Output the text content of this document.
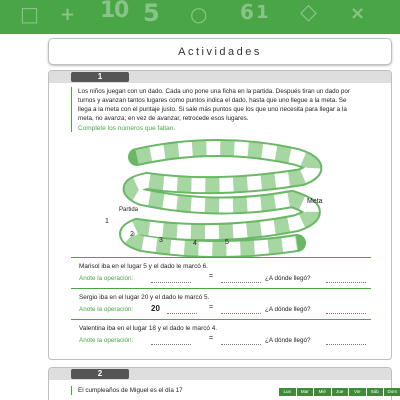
1
0 5	6 1
□	◇
○
+	×
Actividades
1

Los niños juegan con un dado. Cada uno pone una ficha en la partida. Después tiran un dado por turnos y avanzan tantos lugares como puntos indica el dado, hasta que uno llegue a la meta. Se llega a la meta con el puntaje justo. Si sale más puntos que los que uno necesita para llegar a la meta, no avanza; en vez de avanzar, retrocede esos lugares.

Complete los números que faltan.

Meta
Partida
1
2
3	4	5
Marisol iba en el lugar 5 y el dado le marcó 6.
Anote la operación:	=	¿A dónde llegó?
Sergio iba en el lugar 20 y el dado le marcó 5.
Anote la operación: 20	=	¿A dónde llegó?
Valentina iba en el lugar 18 y el dado le marcó 4.
Anote la operación:	=	¿A dónde llegó?
2

El cumpleaños de Miguel es el día 17	Lun	Mar	Mié	Jue	Vie	Sáb	Dom
